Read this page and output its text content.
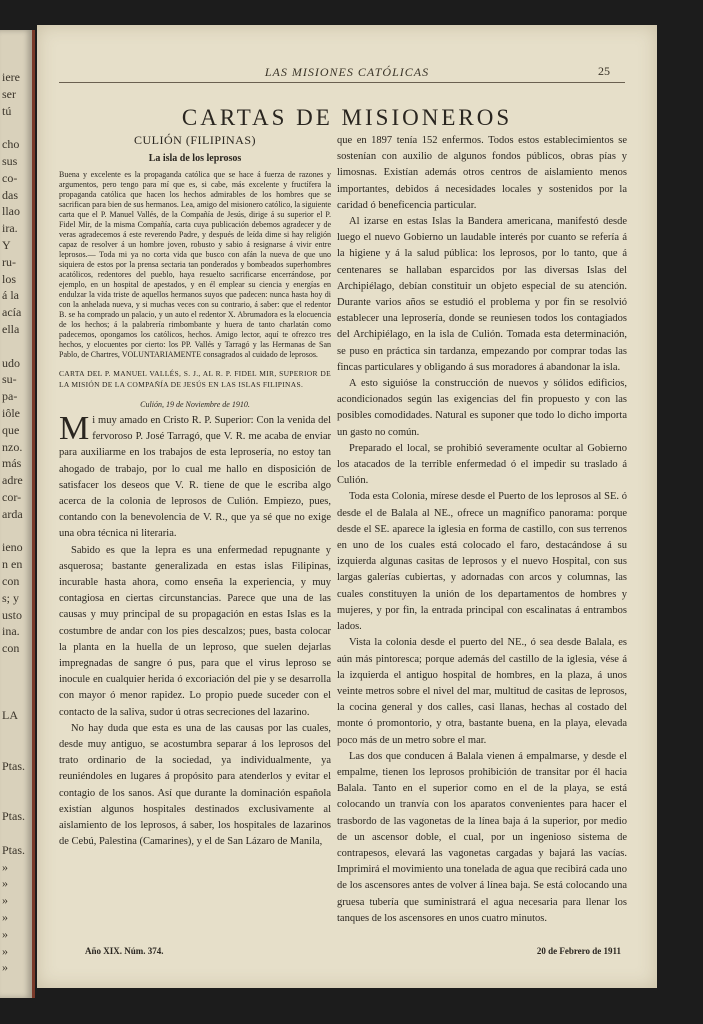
iere
ser
tú
cho
sus
co-
das
llao
ira.
Y
ru-
los
á la
acía
ella
udo
su-
pa-
iôle
que
nzo.
más
adre
cor-
arda
ieno
n en
con
s; y
usto
ina.
con
LA
Ptas.
Ptas.
Ptas.
»
»
»
»
»
»
»
LAS MISIONES CATÓLICAS	25
CARTAS DE MISIONEROS

CULIÓN (FILIPINAS)

La isla de los leprosos

Buena y excelente es la propaganda católica que se hace á fuerza de razones y argumentos, pero tengo para mí que es, si cabe, más excelente y fructífera la propaganda católica que hacen los hechos admirables de los hombres que se sacrifican para bien de sus hermanos. Lea, amigo del misionero católico, la siguiente carta que el P. Manuel Vallés, de la Compañía de Jesús, dirige á su superior el P. Fidel Mir, de la misma Compañía, carta cuya publicación debemos agradecer y de veras agradecemos á este reverendo Padre, y después de leída dime si hay religión capaz de resolver á un hombre joven, robusto y sabio á resignarse á vivir entre leprosos.— Toda mi ya no corta vida que busco con afán la nueva de que uno siquiera de estos por la prensa sectaria tan ponderados y bombeados superhombres acatólicos, redentores del pueblo, haya resuelto sacrificarse encerrándose, por ejemplo, en un hospital de apestados, y en él emplear su ciencia y energías en endulzar la vida triste de aquellos hermanos suyos que padecen: nunca hasta hoy di con la anhelada nueva, y si muchas veces con su contrario, á saber: que el redentor B. se ha comprado un palacio, y un auto el redentor X. Abrumadora es la elocuencia de los hechos; á la palabrería rimbombante y huera de tanto charlatán como padecemos, opongamos los católicos, hechos. Amigo lector, aquí te ofrezco tres hechos, y elocuentes por cierto: los PP. Vallés y Tarragó y las Hermanas de San Pablo, de Chartres, VOLUNTARIAMENTE consagrados al cuidado de leprosos.

CARTA DEL P. MANUEL VALLÉS, S. J., AL R. P. FIDEL MIR, SUPERIOR DE LA MISIÓN DE LA COMPAÑÍA DE JESÚS EN LAS ISLAS FILIPINAS.

Culión, 19 de Noviembre de 1910.

Mi muy amado en Cristo R. P. Superior: Con la venida del fervoroso P. José Tarragó, que V. R. me acaba de enviar para auxiliarme en los trabajos de esta leprosería, no estoy tan ahogado de trabajo, por lo cual me hallo en disposición de satisfacer los deseos que V. R. tiene de que le escriba algo acerca de la colonia de leprosos de Culión. Empiezo, pues, contando con la benevolencia de V. R., que ya sé que no exige una obra técnica ni literaria.

Sabido es que la lepra es una enfermedad repugnante y asquerosa; bastante generalizada en estas islas Filipinas, incurable hasta ahora, como enseña la experiencia, y muy contagiosa en ciertas circunstancias. Parece que una de las causas y muy principal de su propagación en estas Islas es la costumbre de andar con los pies descalzos; pues, basta colocar la planta en la huella de un leproso, que suelen dejarlas impregnadas de sangre ó pus, para que el virus leproso se inocule en cualquier herida ó excoriación del pie y se desarrolla con mayor ó menor rapidez. Lo propio puede suceder con el contacto de la saliva, sudor ú otras secreciones del lazarino.

No hay duda que esta es una de las causas por las cuales, desde muy antiguo, se acostumbra separar á los leprosos del trato ordinario de la sociedad, ya individualmente, ya reuniéndoles en lugares á propósito para atenderlos y evitar el contagio de los sanos. Así que durante la dominación española existían algunos hospitales destinados exclusivamente al aislamiento de los leprosos, á saber, los hospitales de lazarinos de Cebú, Palestina (Camarines), y el de San Lázaro de Manila,

que en 1897 tenía 152 enfermos. Todos estos establecimientos se sostenían con auxilio de algunos fondos públicos, obras pías y limosnas. Existían además otros centros de aislamiento menos importantes, debidos á necesidades locales y sostenidos por la caridad ó beneficencia particular.

Al izarse en estas Islas la Bandera americana, manifestó desde luego el nuevo Gobierno un laudable interés por cuanto se refería á la higiene y á la salud pública: los leprosos, por lo tanto, que á centenares se hallaban esparcidos por las diversas Islas del Archipiélago, debían constituir un objeto especial de su atención. Durante varios años se estudió el problema y por fin se resolvió establecer una leprosería, donde se reuniesen todos los contagiados del Archipiélago, en la isla de Culión. Tomada esta determinación, se puso en práctica sin tardanza, empezando por comprar todas las fincas particulares y obligando á sus moradores á abandonar la isla.

A esto siguióse la construcción de nuevos y sólidos edificios, acondicionados según las exigencias del fin propuesto y con las posibles comodidades. Natural es suponer que todo lo dicho importa un gasto no común.

Preparado el local, se prohibió severamente ocultar al Gobierno los atacados de la terrible enfermedad ó el impedir su traslado á Culión.

Toda esta Colonia, mírese desde el Puerto de los leprosos al SE. ó desde el de Balala al NE., ofrece un magnífico panorama: porque desde el SE. aparece la iglesia en forma de castillo, con sus terrenos en uno de los cuales está colocado el faro, destacándose á su izquierda algunas casitas de leprosos y el nuevo Hospital, con sus largas galerías cubiertas, y adornadas con arcos y columnas, las cuales constituyen la unión de los departamentos de hombres y mujeres, y por fin, la entrada principal con escalinatas á entrambos lados.

Vista la colonia desde el puerto del NE., ó sea desde Balala, es aún más pintoresca; porque además del castillo de la iglesia, vése á la izquierda el antiguo hospital de hombres, en la plaza, á unos veinte metros sobre el nivel del mar, multitud de casitas de leprosos, la cocina general y dos calles, casi llanas, hechas al costado del monte ó promontorio, y otra, bastante buena, en la playa, elevada poco más de un metro sobre el mar.

Las dos que conducen á Balala vienen á empalmarse, y desde el empalme, tienen los leprosos prohibición de transitar por él hacia Balala. Tanto en el superior como en el de la playa, se está colocando un tranvía con los aparatos convenientes para hacer el trasbordo de las vagonetas de la línea baja á la superior, por medio de un ascensor doble, el cual, por un ingenioso sistema de contrapesos, elevará las vagonetas cargadas y bajará las vacías. Imprimirá el movimiento una tonelada de agua que recibirá cada uno de los ascensores antes de volver á línea baja. Se está colocando una gruesa tubería que suministrará el agua necesaria para llenar los tanques de los ascensores en unos cuatro minutos.

Año XIX. Núm. 374.	20 de Febrero de 1911
